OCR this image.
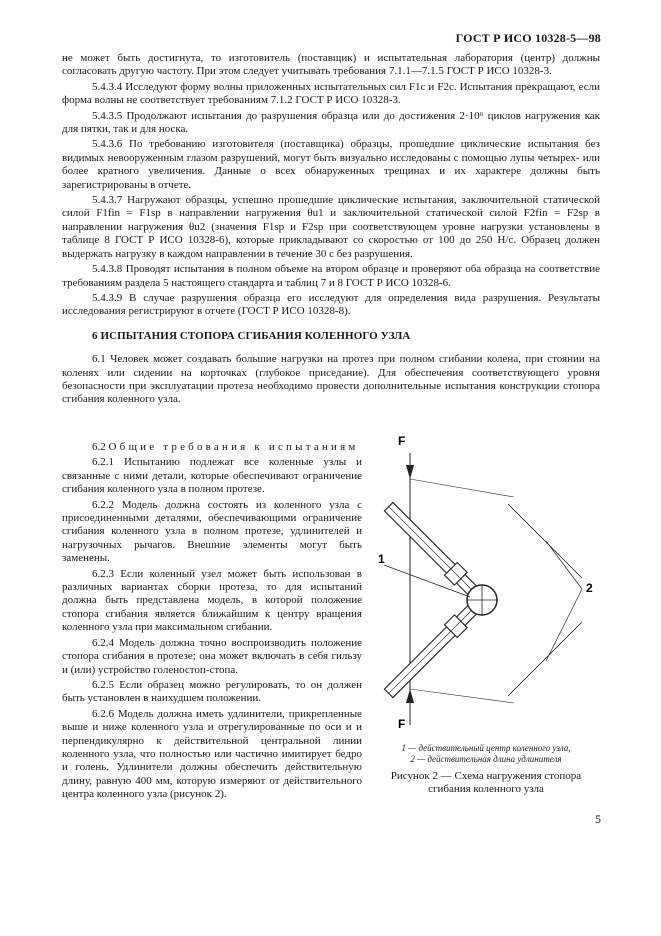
ГОСТ Р ИСО 10328-5—98

не может быть достигнута, то изготовитель (поставщик) и испытательная лаборатория (центр) должны согласовать другую частоту. При этом следует учитывать требования 7.1.1—7.1.5 ГОСТ Р ИСО 10328-3.

5.4.3.4 Исследуют форму волны приложенных испытательных сил F1c и F2c. Испытания прекращают, если форма волны не соответствует требованиям 7.1.2 ГОСТ Р ИСО 10328-3.

5.4.3.5 Продолжают испытания до разрушения образца или до достижения 2·10⁶ циклов нагружения как для пятки, так и для носка.

5.4.3.6 По требованию изготовителя (поставщика) образцы, прошедшие циклические испытания без видимых невооруженным глазом разрушений, могут быть визуально исследованы с помощью лупы четырех- или более кратного увеличения. Данные о всех обнаруженных трещинах и их характере должны быть зарегистрированы в отчете.

5.4.3.7 Нагружают образцы, успешно прошедшие циклические испытания, заключительной статической силой F1fin = F1sp в направлении нагружения θu1 и заключительной статической силой F2fin = F2sp в направлении нагружения θu2 (значения F1sp и F2sp при соответствующем уровне нагрузки установлены в таблице 8 ГОСТ Р ИСО 10328-6), которые прикладывают со скоростью от 100 до 250 Н/с. Образец должен выдержать нагрузку в каждом направлении в течение 30 с без разрушения.

5.4.3.8 Проводят испытания в полном объеме на втором образце и проверяют оба образца на соответствие требованиям раздела 5 настоящего стандарта и таблиц 7 и 8 ГОСТ Р ИСО 10328-6.

5.4.3.9 В случае разрушения образца его исследуют для определения вида разрушения. Результаты исследования регистрируют в отчете (ГОСТ Р ИСО 10328-8).

6 ИСПЫТАНИЯ СТОПОРА СГИБАНИЯ КОЛЕННОГО УЗЛА

6.1 Человек может создавать большие нагрузки на протез при полном сгибании колена, при стоянии на коленях или сидении на корточках (глубокое приседание). Для обеспечения соответствующего уровня безопасности при эксплуатации протеза необходимо провести дополнительные испытания конструкции стопора сгибания коленного узла.

6.2 Общие требования к испытаниям

6.2.1 Испытанию подлежат все коленные узлы и связанные с ними детали, которые обеспечивают ограничение сгибания коленного узла в полном протезе.

6.2.2 Модель должна состоять из коленного узла с присоединенными деталями, обеспечивающими ограничение сгибания коленного узла в полном протезе, удлинителей и нагрузочных рычагов. Внешние элементы могут быть заменены.

6.2.3 Если коленный узел может быть использован в различных вариантах сборки протеза, то для испытаний должна быть представлена модель, в которой положение стопора сгибания является ближайшим к центру вращения коленного узла при максимальном сгибании.

6.2.4 Модель должна точно воспроизводить положение стопора сгибания в протезе; она может включать в себя гильзу и (или) устройство голеностоп-стопа.

6.2.5 Если образец можно регулировать, то он должен быть установлен в наихудшем положении.

6.2.6 Модель должна иметь удлинители, прикрепленные выше и ниже коленного узла и отрегулированные по оси и и перпендикулярно к действительной центральной линии коленного узла, что полностью или частично имитирует бедро и голень. Удлинители должны обеспечить действительную длину, равную 400 мм, которую измеряют от действительного центра коленного узла (рисунок 2).

F
F
1
2
1 — действительный центр коленного узла,
2 — действительная длина удлинителя
Рисунок 2 — Схема нагружения стопора
сгибания коленного узла
5
